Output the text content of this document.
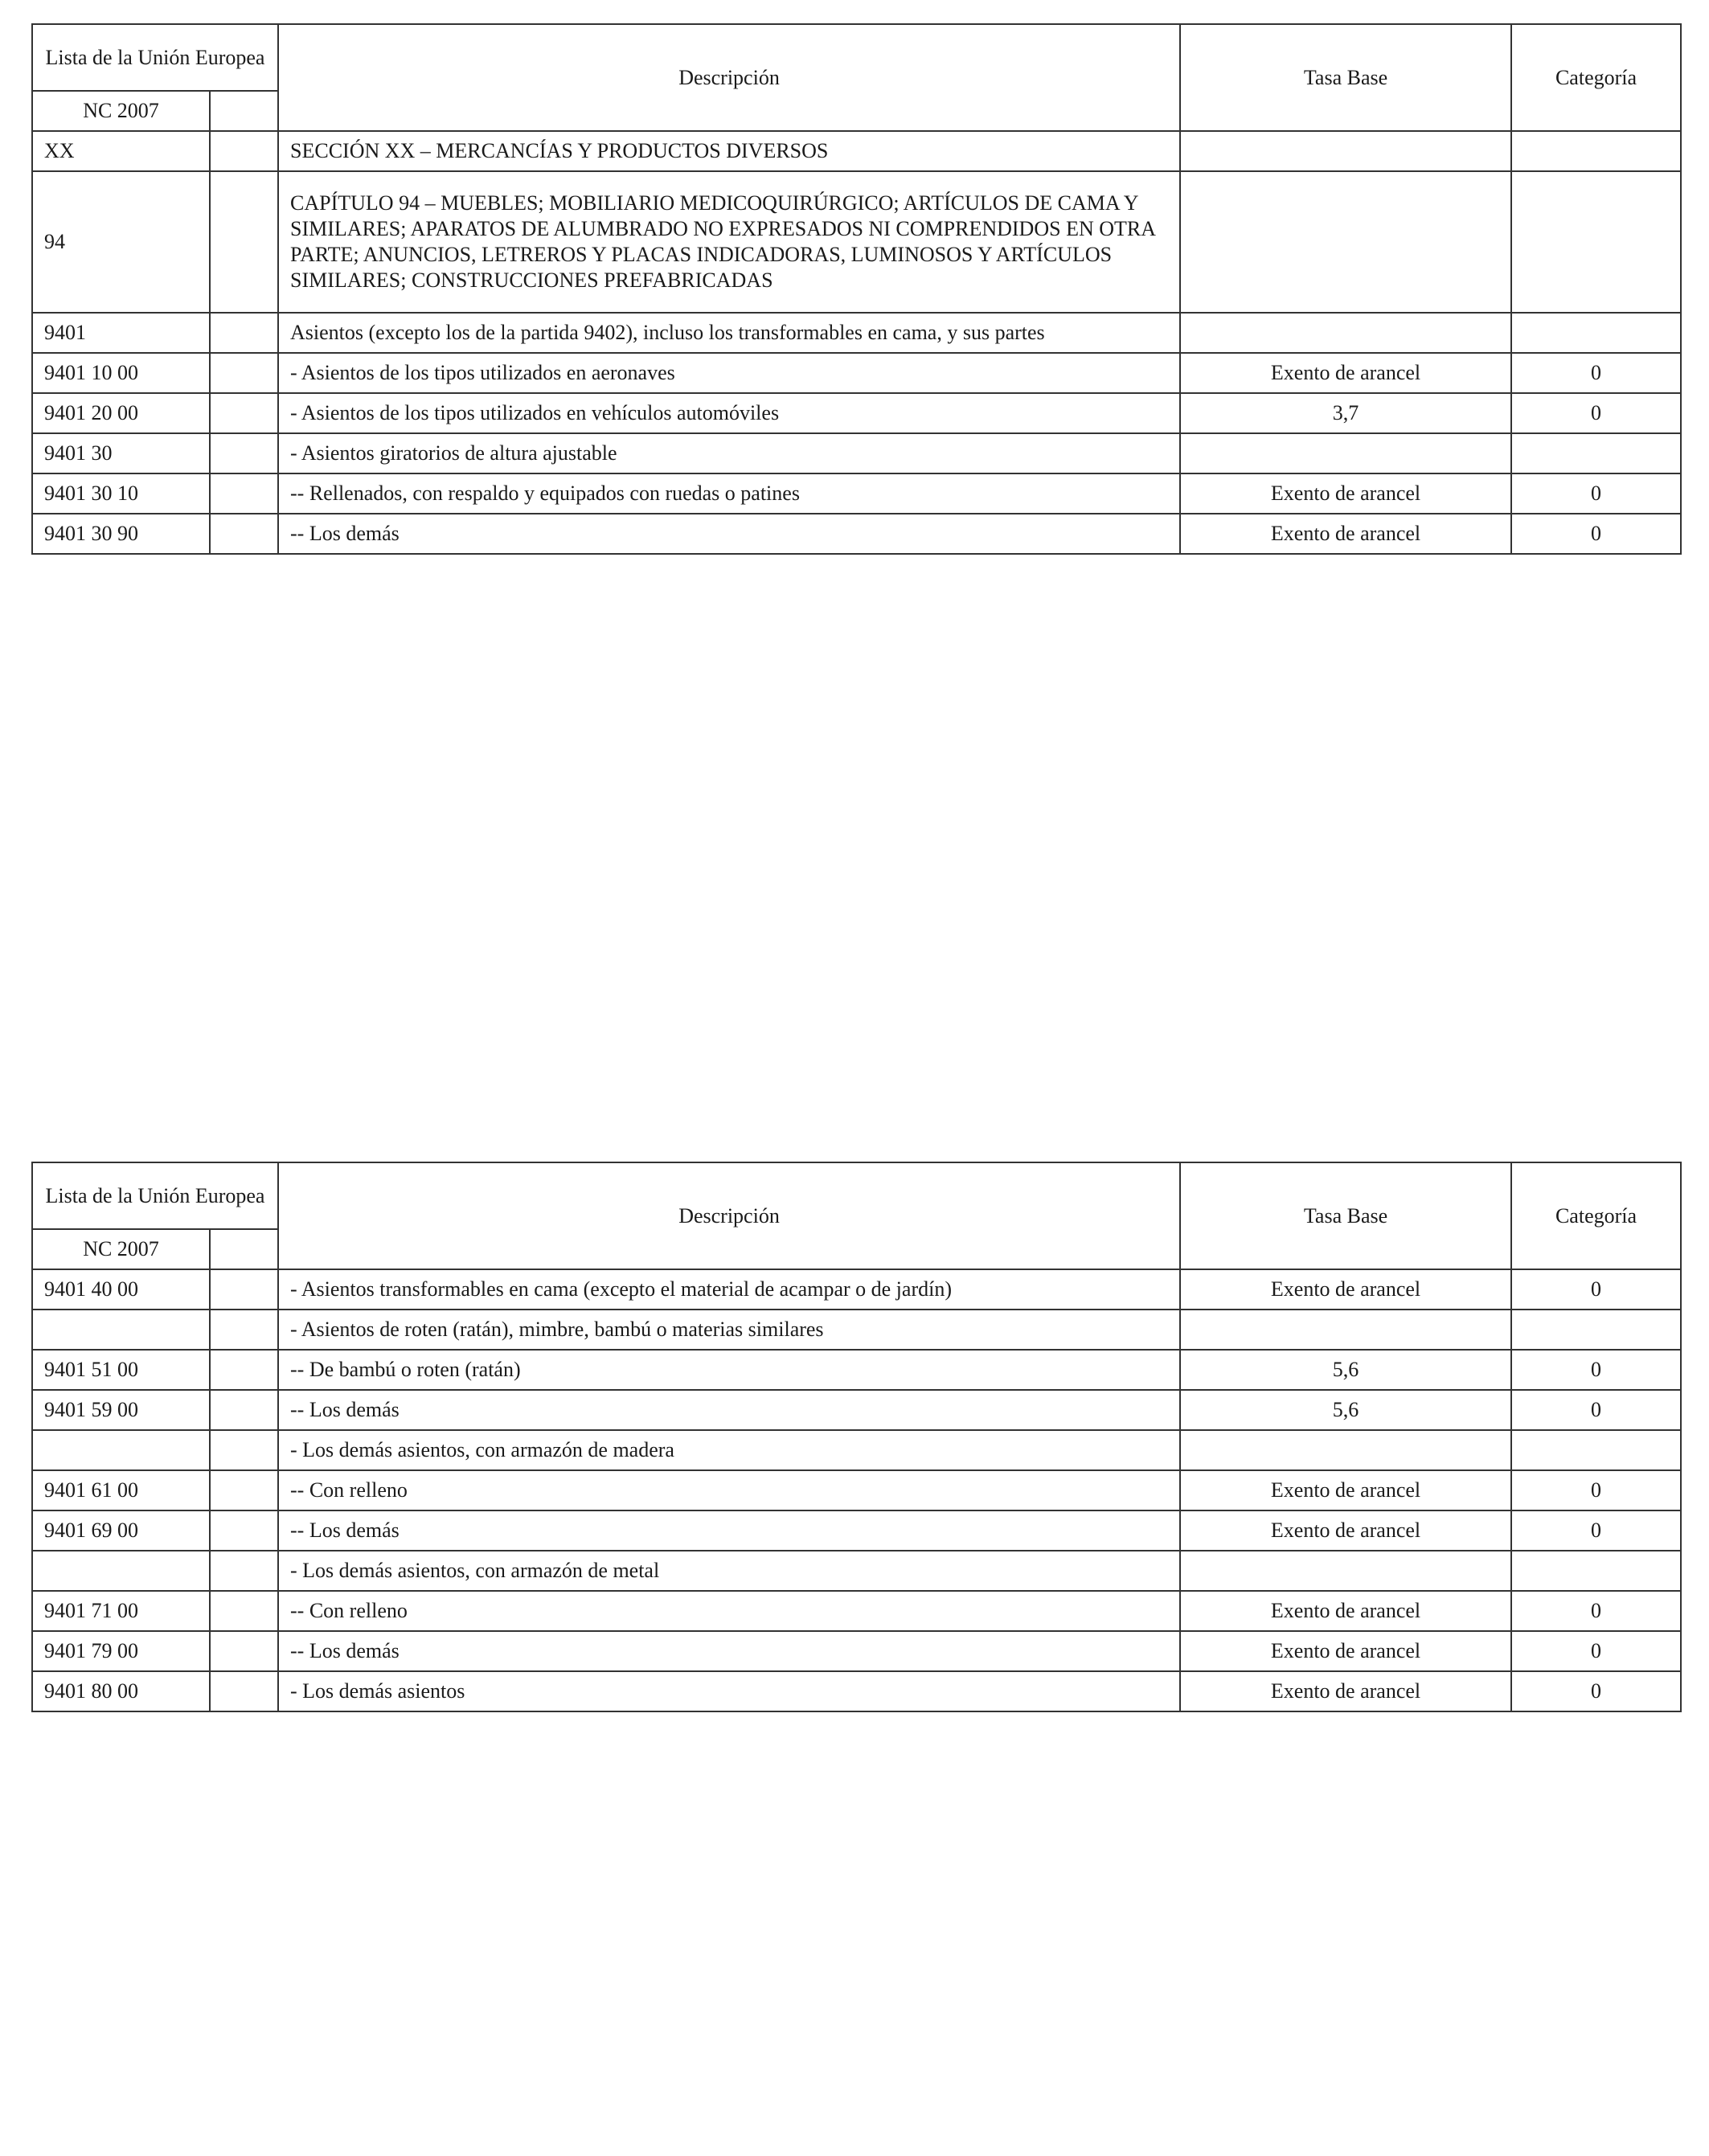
Lista de la Unión Europea		Descripción	Tasa Base	Categoría
NC 2007				
XX		SECCIÓN XX – MERCANCÍAS Y PRODUCTOS DIVERSOS		
94		CAPÍTULO 94 – MUEBLES; MOBILIARIO MEDICOQUIRÚRGICO; ARTÍCULOS DE CAMA Y SIMILARES; APARATOS DE ALUMBRADO NO EXPRESADOS NI COMPRENDIDOS EN OTRA PARTE; ANUNCIOS, LETREROS Y PLACAS INDICADORAS, LUMINOSOS Y ARTÍCULOS SIMILARES; CONSTRUCCIONES PREFABRICADAS		
9401		Asientos (excepto los de la partida 9402), incluso los transformables en cama, y sus partes		
9401 10 00		- Asientos de los tipos utilizados en aeronaves	Exento de arancel	0
9401 20 00		- Asientos de los tipos utilizados en vehículos automóviles	3,7	0
9401 30		- Asientos giratorios de altura ajustable		
9401 30 10		-- Rellenados, con respaldo y equipados con ruedas o patines	Exento de arancel	0
9401 30 90		-- Los demás	Exento de arancel	0
Lista de la Unión Europea		Descripción	Tasa Base	Categoría
NC 2007				
9401 40 00		- Asientos transformables en cama (excepto el material de acampar o de jardín)	Exento de arancel	0
		- Asientos de roten (ratán), mimbre, bambú o materias similares		
9401 51 00		-- De bambú o roten (ratán)	5,6	0
9401 59 00		-- Los demás	5,6	0
		- Los demás asientos, con armazón de madera		
9401 61 00		-- Con relleno	Exento de arancel	0
9401 69 00		-- Los demás	Exento de arancel	0
		- Los demás asientos, con armazón de metal		
9401 71 00		-- Con relleno	Exento de arancel	0
9401 79 00		-- Los demás	Exento de arancel	0
9401 80 00		- Los demás asientos	Exento de arancel	0
